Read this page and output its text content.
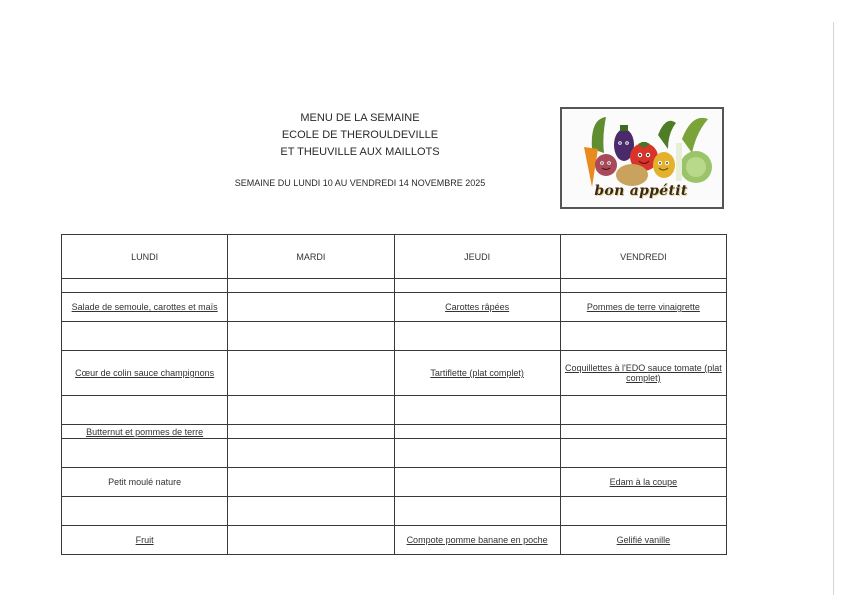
MENU DE LA SEMAINE
ECOLE DE THEROULDEVILLE
ET THEUVILLE AUX MAILLOTS
SEMAINE DU LUNDI 10 AU VENDREDI 14 NOVEMBRE 2025	bon appétit
LUNDI	MARDI	JEUDI	VENDREDI

Salade de semoule, carottes et maïs		Carottes râpées	Pommes de terre vinaigrette

Cœur de colin sauce champignons		Tartiflette (plat complet)	Coquillettes à l'EDO sauce tomate (plat complet)

Butternut et pommes de terre			

Petit moulé nature			Edam à la coupe

Fruit		Compote pomme banane en poche	Gelifié vanille
